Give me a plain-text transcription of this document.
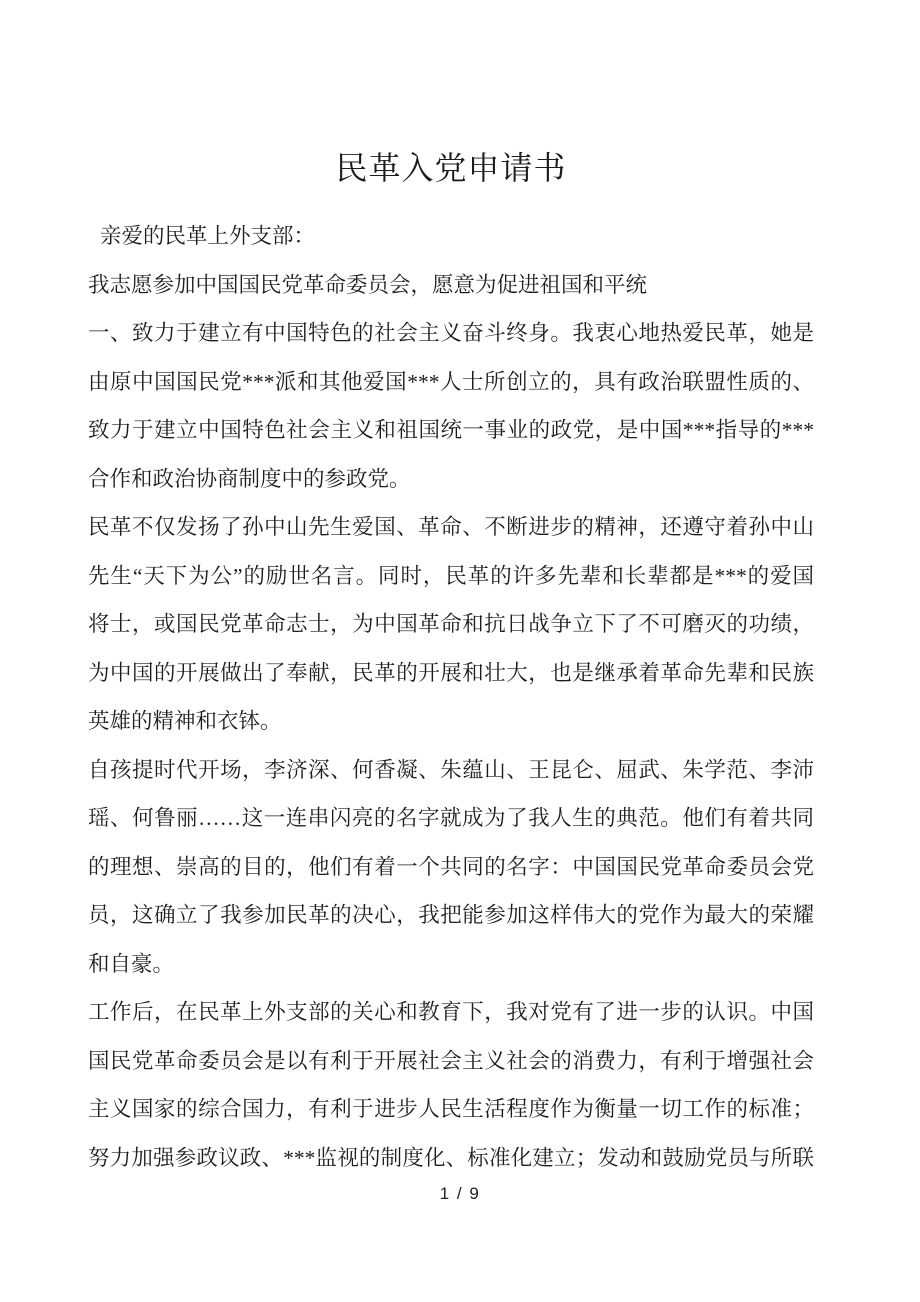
民革入党申请书
亲爱的民革上外支部：
我志愿参加中国国民党革命委员会，愿意为促进祖国和平统
一、致力于建立有中国特色的社会主义奋斗终身。我衷心地热爱民革，她是
由原中国国民党***派和其他爱国***人士所创立的，具有政治联盟性质的、
致力于建立中国特色社会主义和祖国统一事业的政党，是中国***指导的***
合作和政治协商制度中的参政党。
民革不仅发扬了孙中山先生爱国、革命、不断进步的精神，还遵守着孙中山
先生“天下为公”的励世名言。同时，民革的许多先辈和长辈都是***的爱国
将士，或国民党革命志士，为中国革命和抗日战争立下了不可磨灭的功绩，
为中国的开展做出了奉献，民革的开展和壮大，也是继承着革命先辈和民族
英雄的精神和衣钵。
自孩提时代开场，李济深、何香凝、朱蕴山、王昆仑、屈武、朱学范、李沛
瑶、何鲁丽……这一连串闪亮的名字就成为了我人生的典范。他们有着共同
的理想、崇高的目的，他们有着一个共同的名字：中国国民党革命委员会党
员，这确立了我参加民革的决心，我把能参加这样伟大的党作为最大的荣耀
和自豪。
工作后，在民革上外支部的关心和教育下，我对党有了进一步的认识。中国
国民党革命委员会是以有利于开展社会主义社会的消费力，有利于增强社会
主义国家的综合国力，有利于进步人民生活程度作为衡量一切工作的标准；
努力加强参政议政、***监视的制度化、标准化建立；发动和鼓励党员与所联
1 / 9
